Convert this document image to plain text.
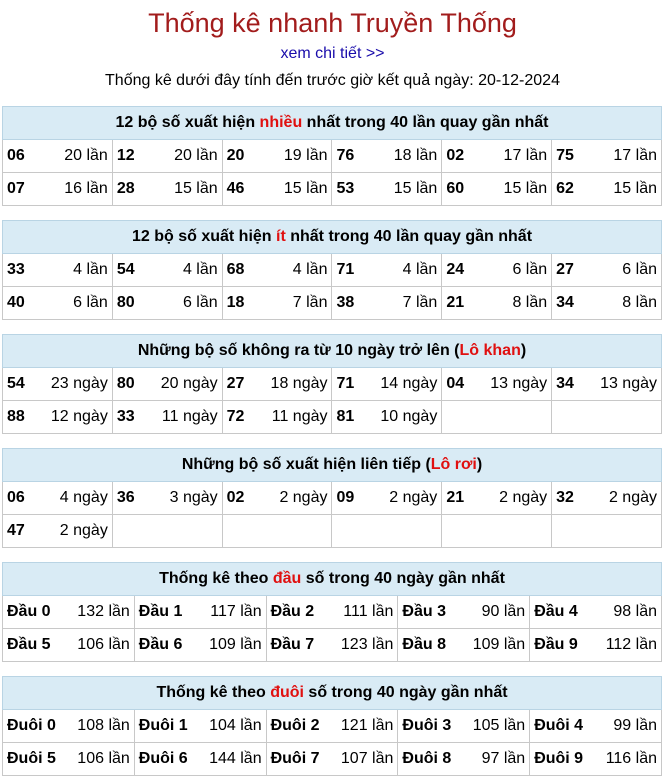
Thống kê nhanh Truyền Thống
xem chi tiết >>
Thống kê dưới đây tính đến trước giờ kết quả ngày: 20-12-2024
12 bộ số xuất hiện nhiều nhất trong 40 lần quay gần nhất					

06 20 lần	12 20 lần	20 19 lần	76 18 lần	02 17 lần	75 17 lần

07 16 lần	28 15 lần	46 15 lần	53 15 lần	60 15 lần	62 15 lần
12 bộ số xuất hiện ít nhất trong 40 lần quay gần nhất					

33 4 lần	54 4 lần	68 4 lần	71 4 lần	24 6 lần	27 6 lần

40 6 lần	80 6 lần	18 7 lần	38 7 lần	21 8 lần	34 8 lần
Những bộ số không ra từ 10 ngày trở lên (Lô khan)					

54 23 ngày	80 20 ngày	27 18 ngày	71 14 ngày	04 13 ngày	34 13 ngày

88 12 ngày	33 11 ngày	72 11 ngày	81 10 ngày		

Những bộ số xuất hiện liên tiếp (Lô rơi)					

06 4 ngày	36 3 ngày	02 2 ngày	09 2 ngày	21 2 ngày	32 2 ngày

47 2 ngày					

Thống kê theo đầu số trong 40 ngày gần nhất				

Đầu 0 132 lần	Đầu 1 117 lần	Đầu 2 111 lần	Đầu 3 90 lần	Đầu 4 98 lần

Đầu 5 106 lần	Đầu 6 109 lần	Đầu 7 123 lần	Đầu 8 109 lần	Đầu 9 112 lần
Thống kê theo đuôi số trong 40 ngày gần nhất				

Đuôi 0 108 lần	Đuôi 1 104 lần	Đuôi 2 121 lần	Đuôi 3 105 lần	Đuôi 4 99 lần

Đuôi 5 106 lần	Đuôi 6 144 lần	Đuôi 7 107 lần	Đuôi 8 97 lần	Đuôi 9 116 lần
